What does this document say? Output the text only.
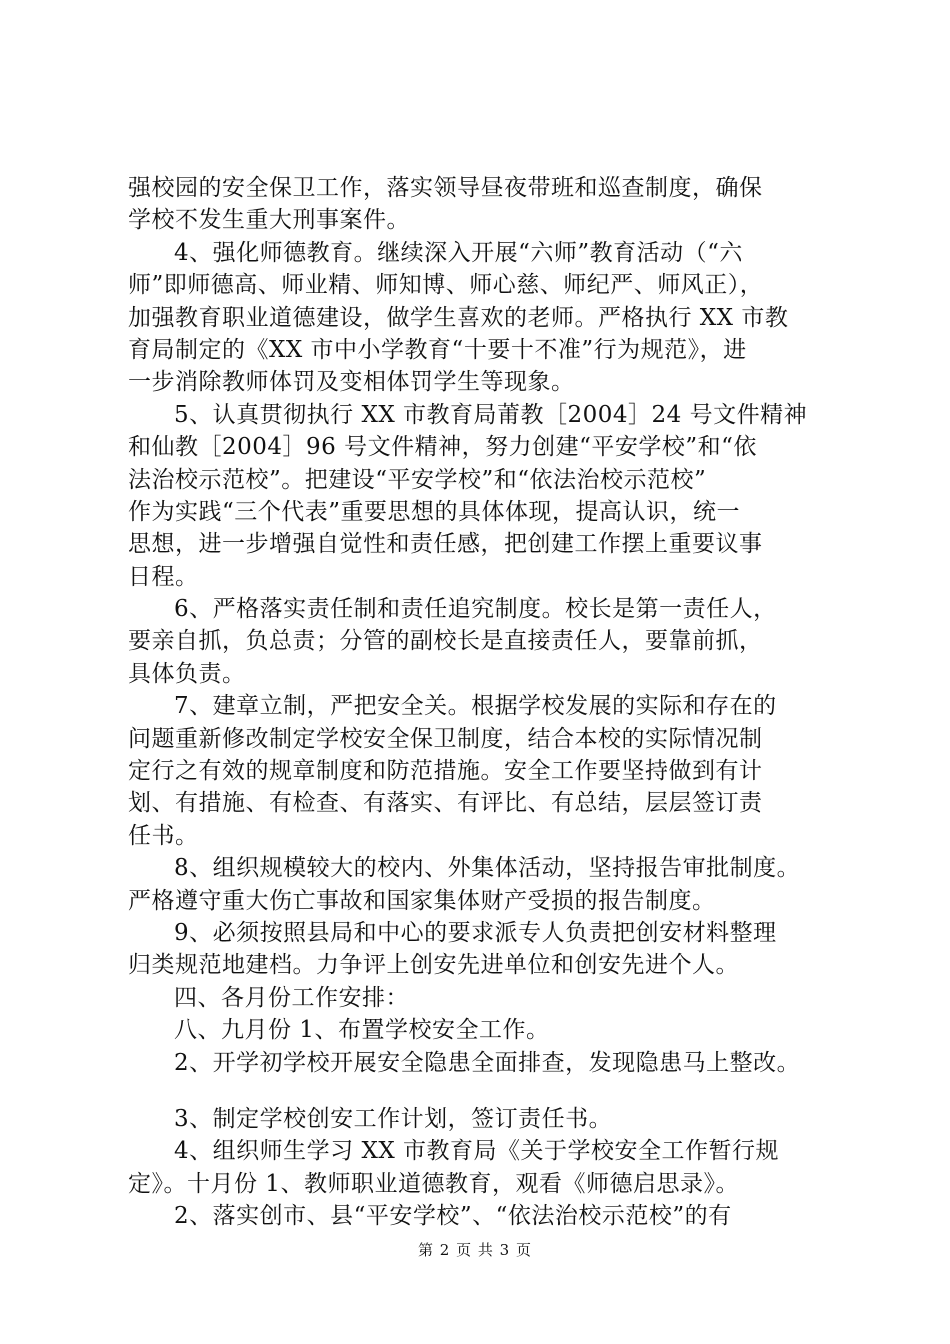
强校园的安全保卫工作，落实领导昼夜带班和巡查制度，确保
学校不发生重大刑事案件。
4、强化师德教育。继续深入开展“六师”教育活动（“六
师”即师德高、师业精、师知博、师心慈、师纪严、师风正），
加强教育职业道德建设，做学生喜欢的老师。严格执行 XX 市教
育局制定的《XX 市中小学教育“十要十不准”行为规范》，进
一步消除教师体罚及变相体罚学生等现象。
5、认真贯彻执行 XX 市教育局莆教［2004］24 号文件精神
和仙教［2004］96 号文件精神，努力创建“平安学校”和“依
法治校示范校”。把建设“平安学校”和“依法治校示范校”
作为实践“三个代表”重要思想的具体体现，提高认识，统一
思想，进一步增强自觉性和责任感，把创建工作摆上重要议事
日程。
6、严格落实责任制和责任追究制度。校长是第一责任人，
要亲自抓，负总责；分管的副校长是直接责任人，要靠前抓，
具体负责。
7、建章立制，严把安全关。根据学校发展的实际和存在的
问题重新修改制定学校安全保卫制度，结合本校的实际情况制
定行之有效的规章制度和防范措施。安全工作要坚持做到有计
划、有措施、有检查、有落实、有评比、有总结，层层签订责
任书。
8、组织规模较大的校内、外集体活动，坚持报告审批制度。
严格遵守重大伤亡事故和国家集体财产受损的报告制度。
9、必须按照县局和中心的要求派专人负责把创安材料整理
归类规范地建档。力争评上创安先进单位和创安先进个人。
四、各月份工作安排：
八、九月份 1、布置学校安全工作。
2、开学初学校开展安全隐患全面排查，发现隐患马上整改。
3、制定学校创安工作计划，签订责任书。
4、组织师生学习 XX 市教育局《关于学校安全工作暂行规
定》。十月份 1、教师职业道德教育，观看《师德启思录》。
2、落实创市、县“平安学校”、“依法治校示范校”的有
第 2 页 共 3 页
